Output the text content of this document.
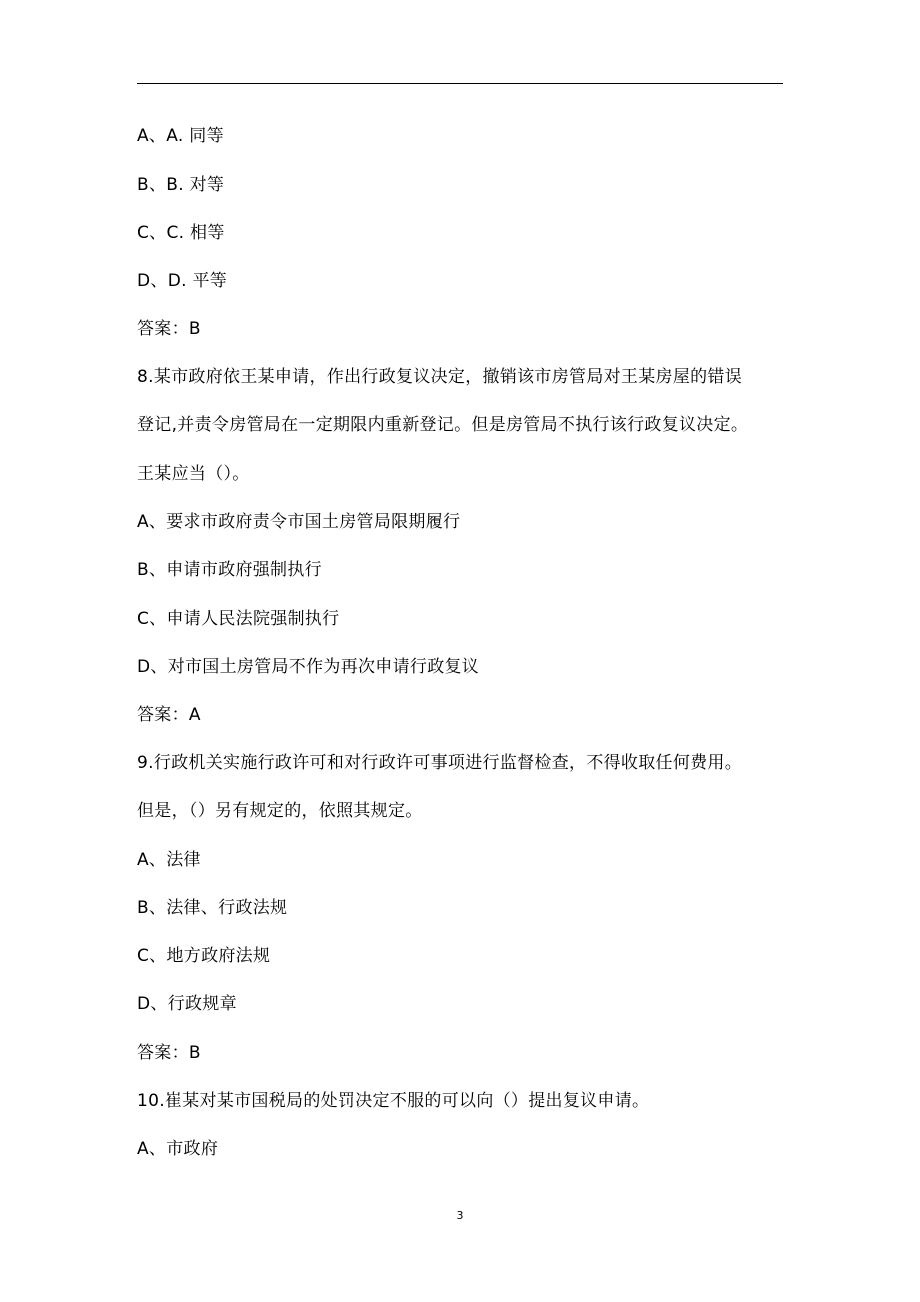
A、A. 同等
B、B. 对等
C、C. 相等
D、D. 平等
答案：B
8.某市政府依王某申请，作出行政复议决定，撤销该市房管局对王某房屋的错误
登记,并责令房管局在一定期限内重新登记。但是房管局不执行该行政复议决定。
王某应当（）。
A、要求市政府责令市国土房管局限期履行
B、申请市政府强制执行
C、申请人民法院强制执行
D、对市国土房管局不作为再次申请行政复议
答案：A
9.行政机关实施行政许可和对行政许可事项进行监督检查，不得收取任何费用。
但是，（）另有规定的，依照其规定。
A、法律
B、法律、行政法规
C、地方政府法规
D、行政规章
答案：B
10.崔某对某市国税局的处罚决定不服的可以向（）提出复议申请。
A、市政府
3
